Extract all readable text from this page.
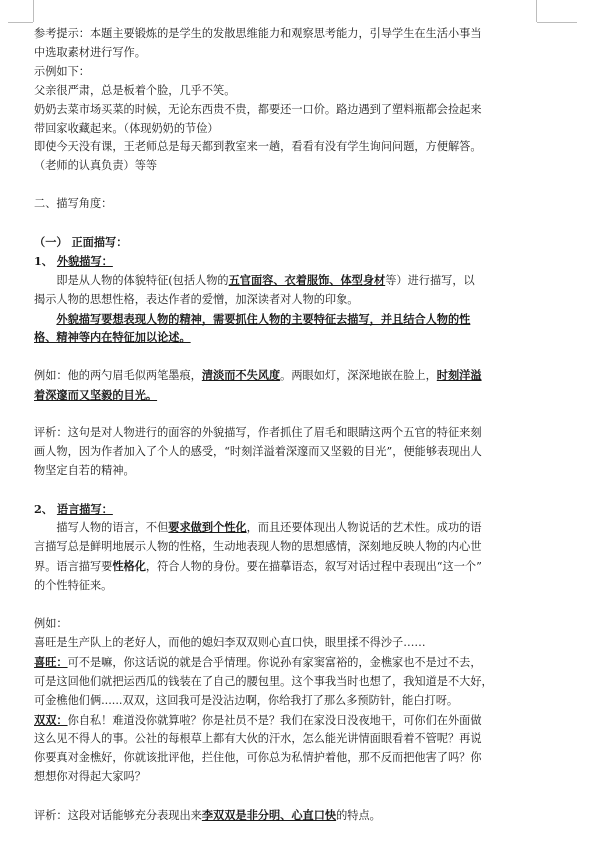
参考提示：本题主要锻炼的是学生的发散思维能力和观察思考能力，引导学生在生活小事当

中选取素材进行写作。

示例如下：

父亲很严肃，总是板着个脸，几乎不笑。

奶奶去菜市场买菜的时候，无论东西贵不贵，都要还一口价。路边遇到了塑料瓶都会捡起来

带回家收藏起来。（体现奶奶的节俭）

即使今天没有课，王老师总是每天都到教室来一趟，看看有没有学生询问问题，方便解答。

（老师的认真负责）等等

二、描写角度：

（一） 正面描写：

1、 外貌描写：

即是从人物的体貌特征(包括人物的五官面容、衣着服饰、体型身材等）进行描写，以

揭示人物的思想性格，表达作者的爱憎，加深读者对人物的印象。

外貌描写要想表现人物的精神，需要抓住人物的主要特征去描写，并且结合人物的性

格、精神等内在特征加以论述。

例如：他的两勺眉毛似两笔墨痕，清淡而不失风度。两眼如灯，深深地嵌在脸上，时刻洋溢

着深邃而又坚毅的目光。

评析：这句是对人物进行的面容的外貌描写，作者抓住了眉毛和眼睛这两个五官的特征来刻

画人物，因为作者加入了个人的感受，“时刻洋溢着深邃而又坚毅的目光”，便能够表现出人

物坚定自若的精神。

2、 语言描写：

描写人物的语言，不但要求做到个性化，而且还要体现出人物说话的艺术性。成功的语

言描写总是鲜明地展示人物的性格，生动地表现人物的思想感情，深刻地反映人物的内心世

界。语言描写要性格化，符合人物的身份。要在描摹语态，叙写对话过程中表现出“这一个”

的个性特征来。

例如：

喜旺是生产队上的老好人，而他的媳妇李双双则心直口快，眼里揉不得沙子……

喜旺：可不是嘛，你这话说的就是合乎情理。你说孙有家窦富裕的，金樵家也不是过不去，

可是这回他们就把运西瓜的钱装在了自己的腰包里。这个事我当时也想了，我知道是不大好，

可金樵他们俩......双双，这回我可是没沾边啊，你给我打了那么多预防针，能白打呀。

双双：你自私！难道没你就算啦？你是社员不是？我们在家没日没夜地干，可你们在外面做

这么见不得人的事。公社的每根草上都有大伙的汗水，怎么能光讲情面眼看着不管呢？再说

你要真对金樵好，你就该批评他，拦住他，可你总为私情护着他，那不反而把他害了吗？你

想想你对得起大家吗？

评析：这段对话能够充分表现出来李双双是非分明、心直口快的特点。
